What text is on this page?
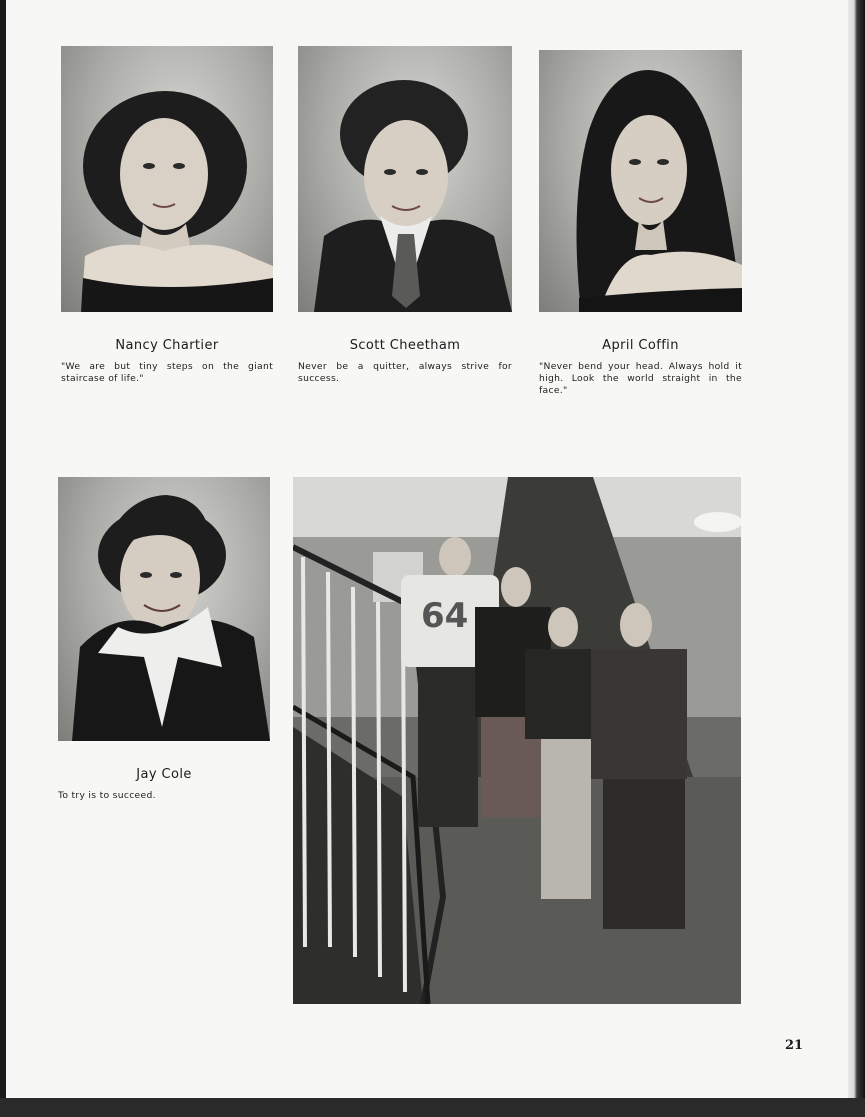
Nancy Chartier
"We are but tiny steps on the giant staircase of life."
Scott Cheetham
Never be a quitter, always strive for success.
April Coffin
"Never bend your head. Always hold it high. Look the world straight in the face."
Jay Cole
To try is to succeed.
64
21
